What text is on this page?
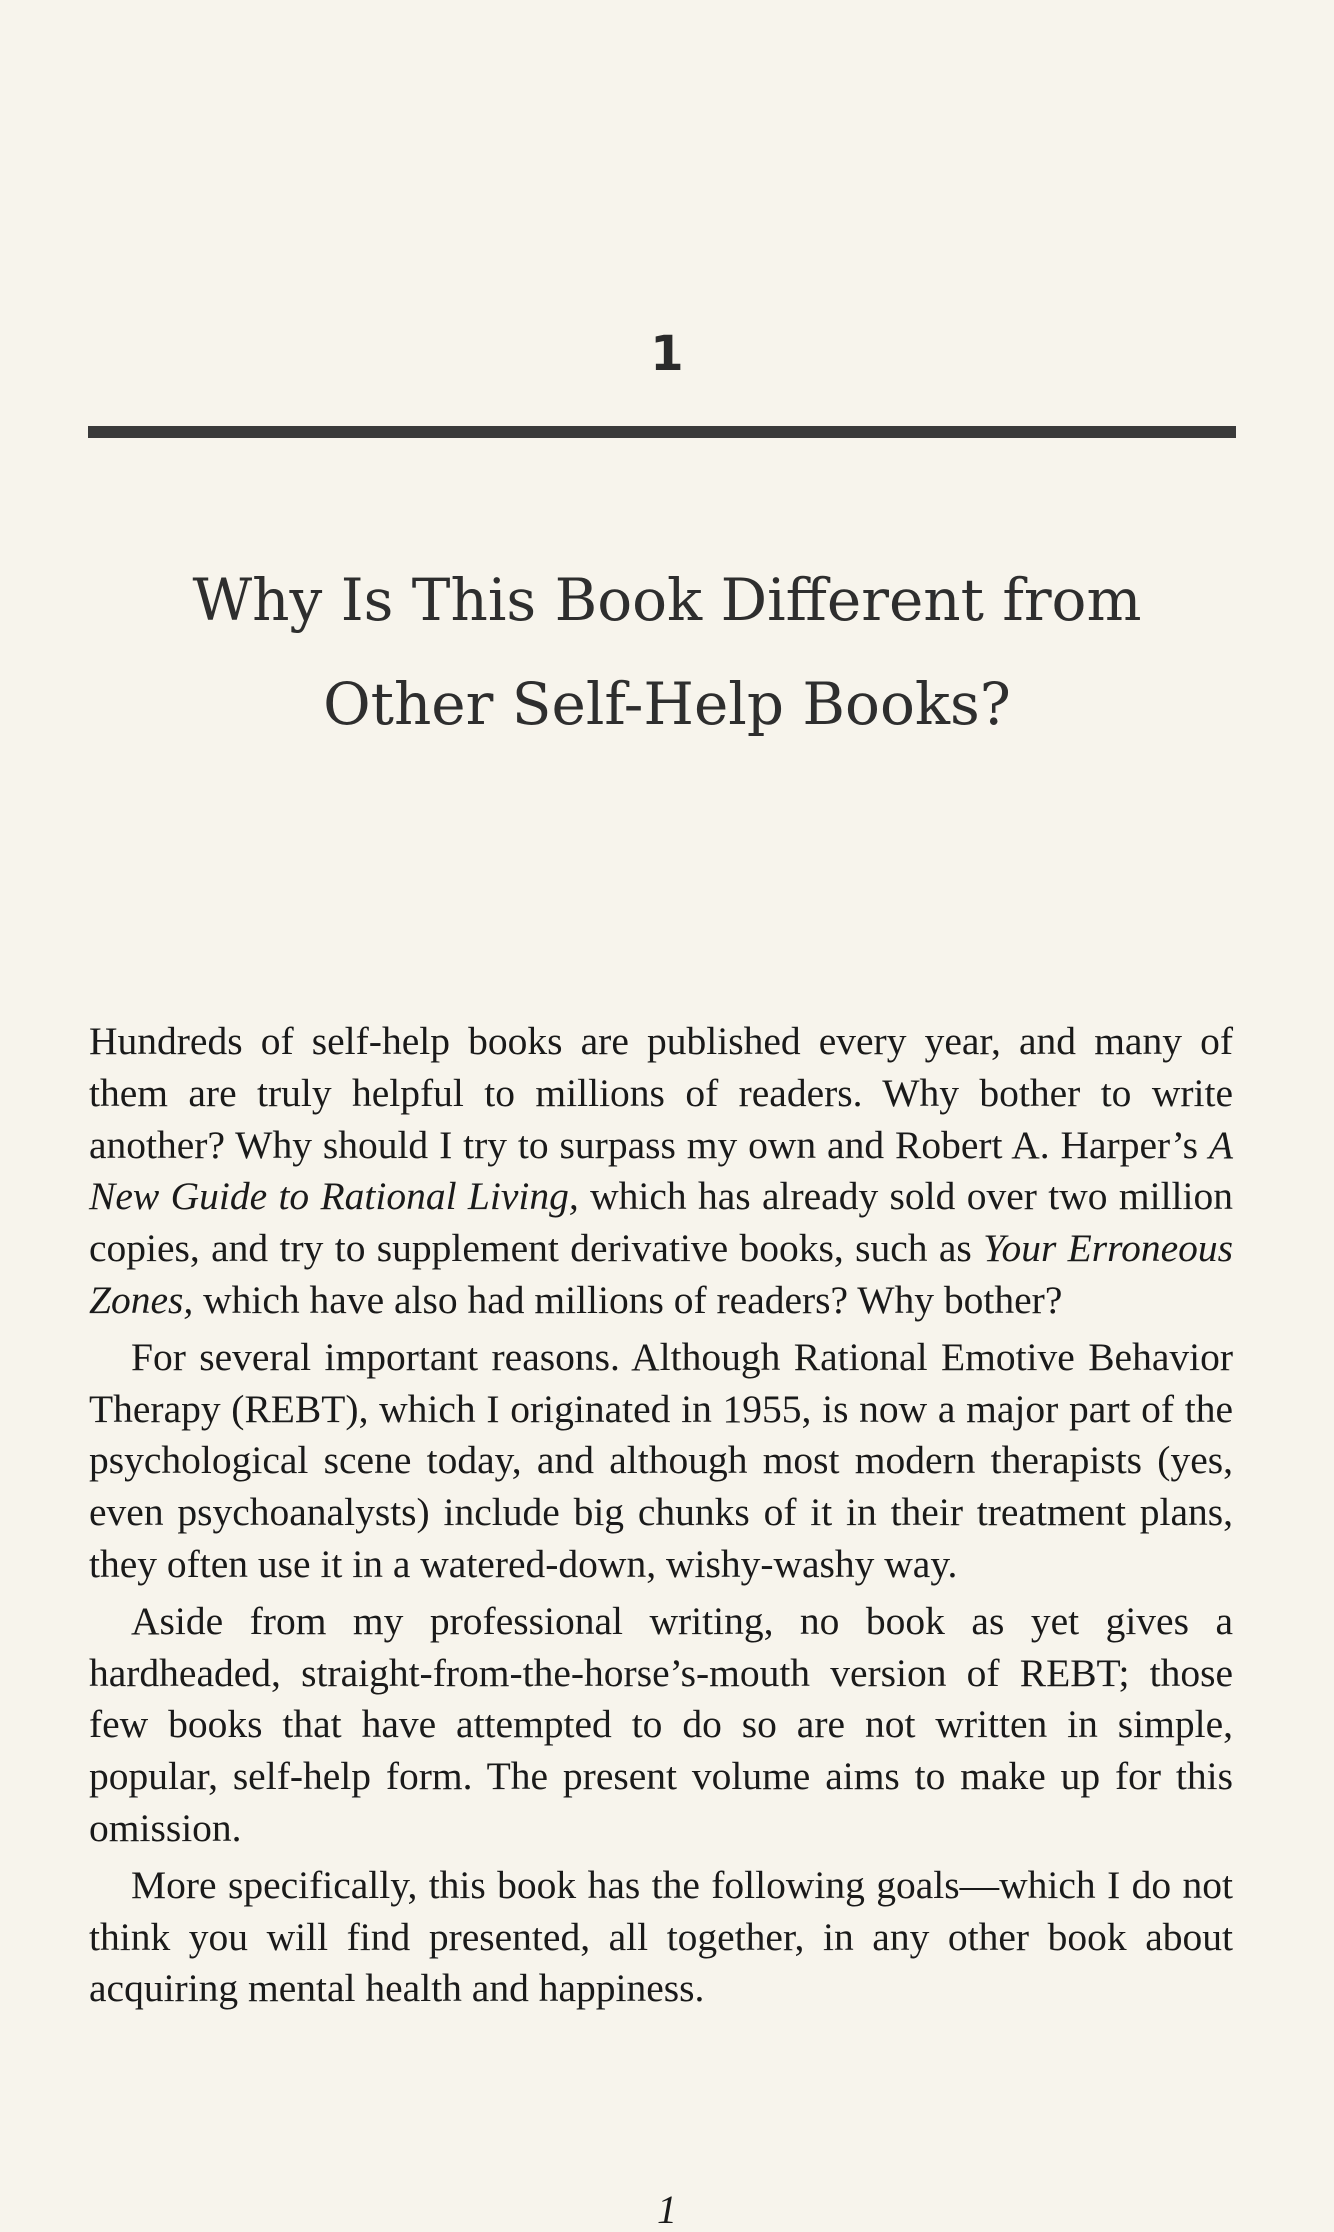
1
Why Is This Book Different from
Other Self-Help Books?

Hundreds of self-help books are published every year, and many of them are truly helpful to millions of readers. Why bother to write another? Why should I try to surpass my own and Robert A. Harper’s A New Guide to Rational Living, which has already sold over two million copies, and try to supplement derivative books, such as Your Erroneous Zones, which have also had millions of readers? Why bother?

For several important reasons. Although Rational Emotive Behavior Therapy (REBT), which I originated in 1955, is now a major part of the psychological scene today, and although most modern therapists (yes, even psychoanalysts) include big chunks of it in their treatment plans, they often use it in a watered-down, wishy-washy way.

Aside from my professional writing, no book as yet gives a hardheaded, straight-from-the-horse’s-mouth version of REBT; those few books that have attempted to do so are not written in simple, popular, self-help form. The present volume aims to make up for this omission.

More specifically, this book has the following goals—which I do not think you will find presented, all together, in any other book about acquiring mental health and happiness.

1
